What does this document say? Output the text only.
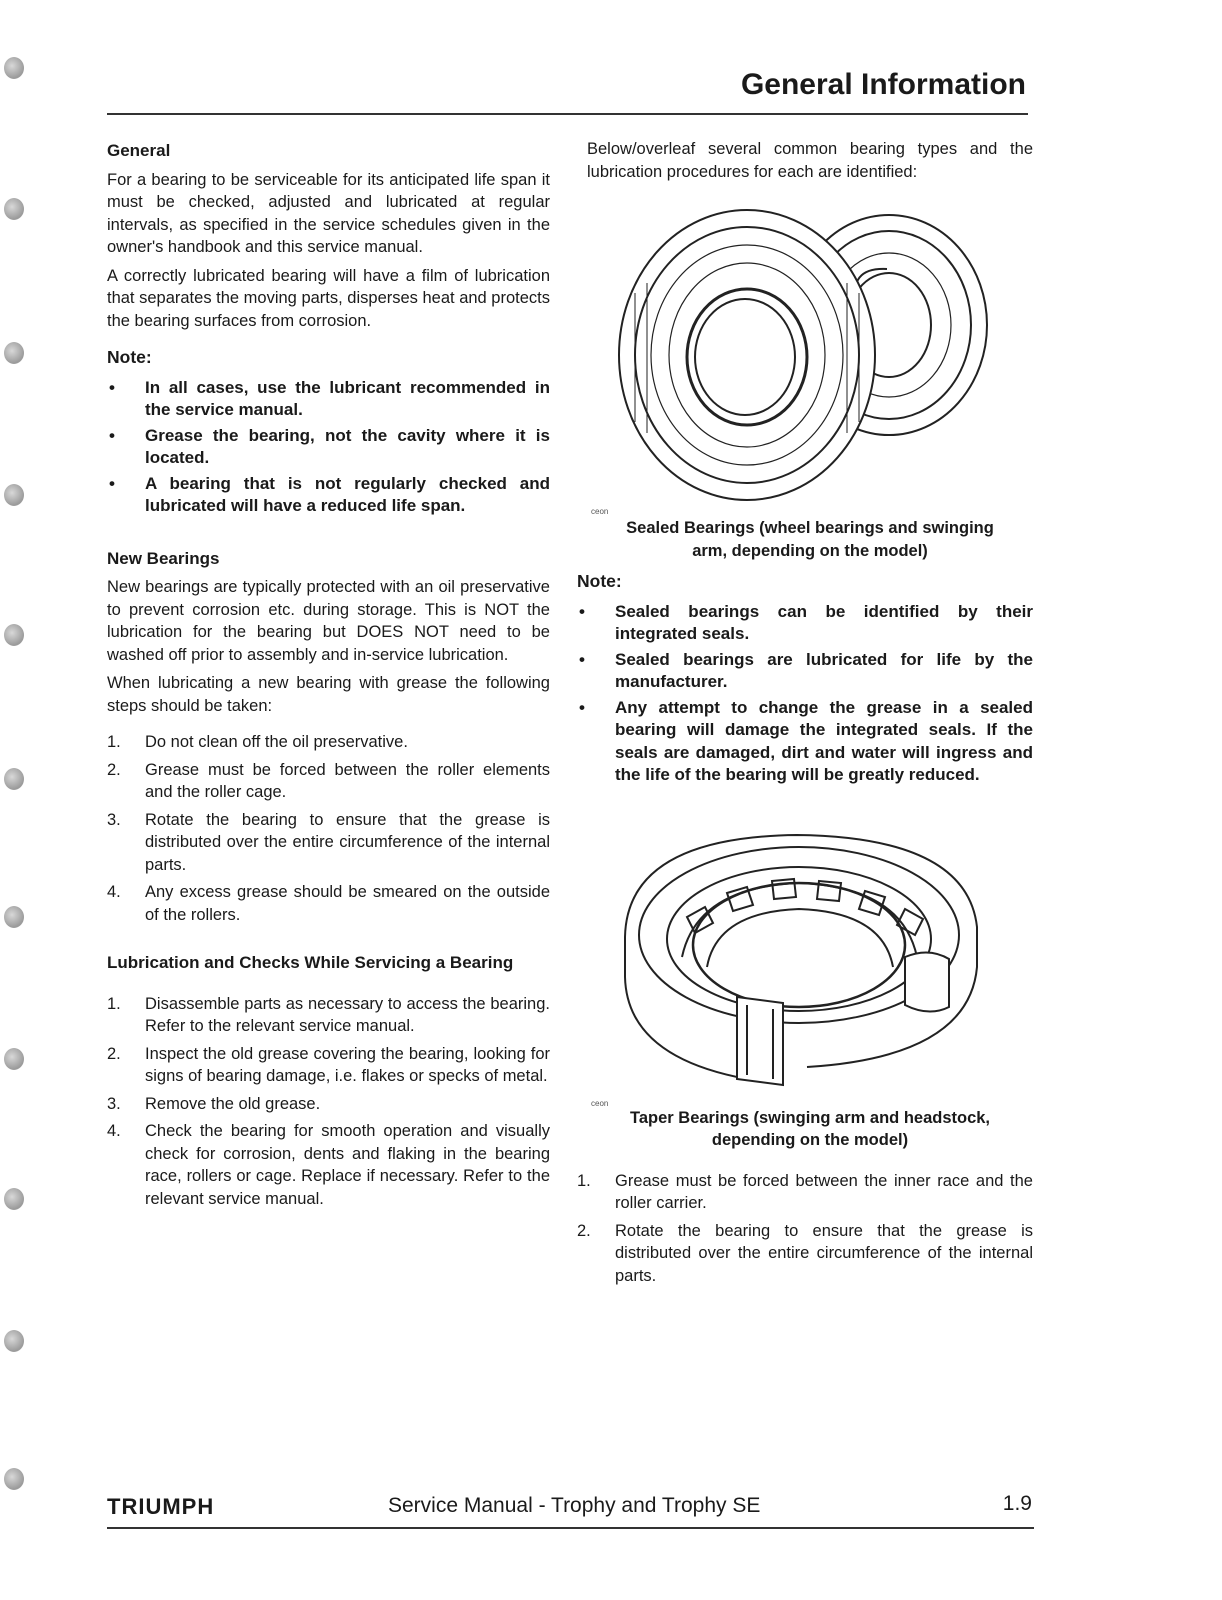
General Information
General

For a bearing to be serviceable for its anticipated life span it must be checked, adjusted and lubricated at regular intervals, as specified in the service schedules given in the owner's handbook and this service manual.

A correctly lubricated bearing will have a film of lubrication that separates the moving parts, disperses heat and protects the bearing surfaces from corrosion.

Note:
• In all cases, use the lubricant recommended in the service manual.
• Grease the bearing, not the cavity where it is located.
• A bearing that is not regularly checked and lubricated will have a reduced life span.
New Bearings

New bearings are typically protected with an oil preservative to prevent corrosion etc. during storage. This is NOT the lubrication for the bearing but DOES NOT need to be washed off prior to assembly and in-service lubrication.

When lubricating a new bearing with grease the following steps should be taken:

1. Do not clean off the oil preservative.
2. Grease must be forced between the roller elements and the roller cage.
3. Rotate the bearing to ensure that the grease is distributed over the entire circumference of the internal parts.
4. Any excess grease should be smeared on the outside of the rollers.
Lubrication and Checks While Servicing a Bearing
1. Disassemble parts as necessary to access the bearing. Refer to the relevant service manual.
2. Inspect the old grease covering the bearing, looking for signs of bearing damage, i.e. flakes or specks of metal.
3. Remove the old grease.
4. Check the bearing for smooth operation and visually check for corrosion, dents and flaking in the bearing race, rollers or cage. Replace if necessary. Refer to the relevant service manual.

Below/overleaf several common bearing types and the lubrication procedures for each are identified:

ceon
Sealed Bearings (wheel bearings and swinging arm, depending on the model)
Note:
• Sealed bearings can be identified by their integrated seals.
• Sealed bearings are lubricated for life by the manufacturer.
• Any attempt to change the grease in a sealed bearing will damage the integrated seals. If the seals are damaged, dirt and water will ingress and the life of the bearing will be greatly reduced.
ceon
Taper Bearings (swinging arm and headstock, depending on the model)
1. Grease must be forced between the inner race and the roller carrier.
2. Rotate the bearing to ensure that the grease is distributed over the entire circumference of the internal parts.
TRIUMPH	Service Manual - Trophy and Trophy SE	1.9
